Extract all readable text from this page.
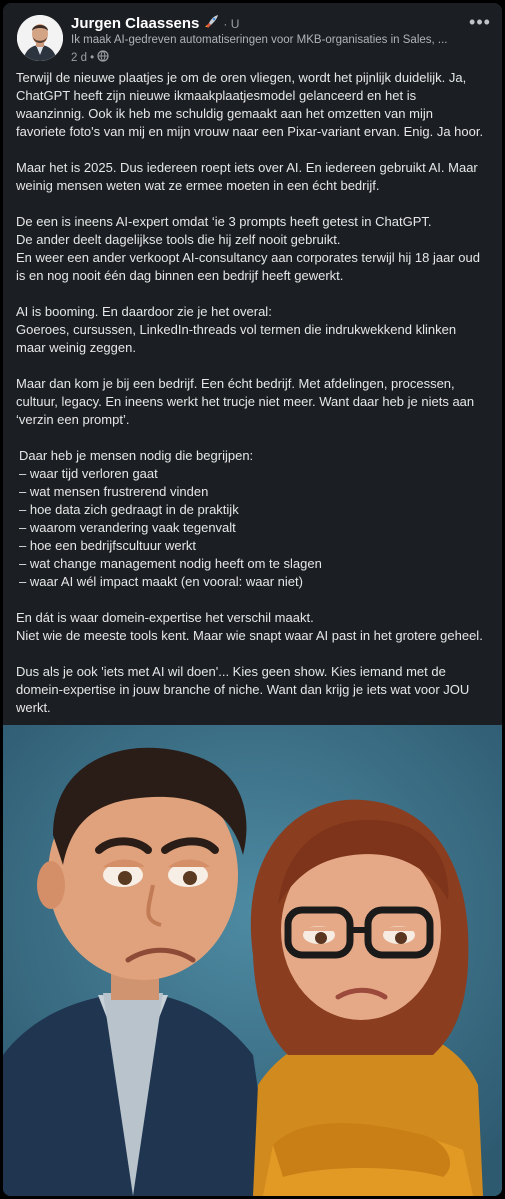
Jurgen Claassens · U
Ik maak AI-gedreven automatiseringen voor MKB-organisaties in Sales, ...
2 d •
•••

Terwijl de nieuwe plaatjes je om de oren vliegen, wordt het pijnlijk duidelijk. Ja,
ChatGPT heeft zijn nieuwe ikmaakplaatjesmodel gelanceerd en het is
waanzinnig. Ook ik heb me schuldig gemaakt aan het omzetten van mijn
favoriete foto's van mij en mijn vrouw naar een Pixar-variant ervan. Enig. Ja hoor.

Maar het is 2025. Dus iedereen roept iets over AI. En iedereen gebruikt AI. Maar
weinig mensen weten wat ze ermee moeten in een écht bedrijf.

De een is ineens AI-expert omdat ‘ie 3 prompts heeft getest in ChatGPT.
De ander deelt dagelijkse tools die hij zelf nooit gebruikt.
En weer een ander verkoopt AI-consultancy aan corporates terwijl hij 18 jaar oud
is en nog nooit één dag binnen een bedrijf heeft gewerkt.

AI is booming. En daardoor zie je het overal:
Goeroes, cursussen, LinkedIn-threads vol termen die indrukwekkend klinken
maar weinig zeggen.

Maar dan kom je bij een bedrijf. Een écht bedrijf. Met afdelingen, processen,
cultuur, legacy. En ineens werkt het trucje niet meer. Want daar heb je niets aan
‘verzin een prompt’.

Daar heb je mensen nodig die begrijpen:
– waar tijd verloren gaat
– wat mensen frustrerend vinden
– hoe data zich gedraagt in de praktijk
– waarom verandering vaak tegenvalt
– hoe een bedrijfscultuur werkt
– wat change management nodig heeft om te slagen
– waar AI wél impact maakt (en vooral: waar niet)

En dát is waar domein-expertise het verschil maakt.
Niet wie de meeste tools kent. Maar wie snapt waar AI past in het grotere geheel.

Dus als je ook 'iets met AI wil doen'... Kies geen show. Kies iemand met de
domein-expertise in jouw branche of niche. Want dan krijg je iets wat voor JOU
werkt.
